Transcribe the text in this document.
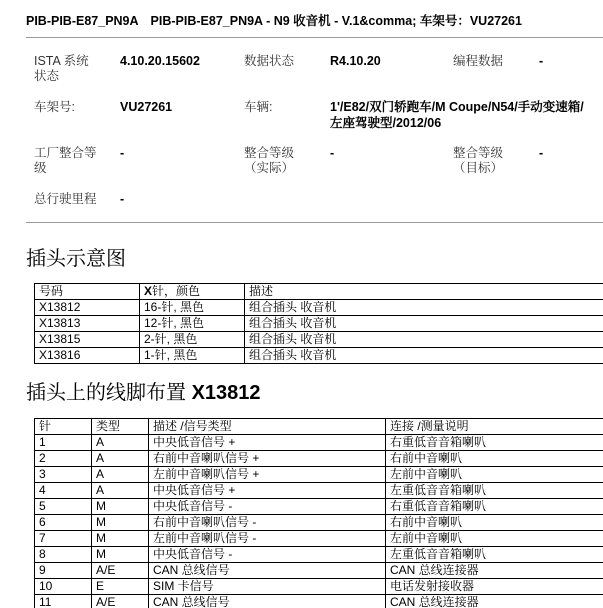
PIB-PIB-E87_PN9A PIB-PIB-E87_PN9A - N9 收音机 - V.1&comma; 车架号：VU27261
ISTA 系统
状态
4.10.20.15602	数据状态	R4.10.20	编程数据	-
车架号:	VU27261	车辆:	1'/E82/双门轿跑车/M Coupe/N54/手动变速箱/
左座驾驶型/2012/06
工厂整合等
级
-	整合等级
（实际）
-	整合等级
（目标）
-
总行驶里程 -
插头示意图
号码	X针，颜色	描述
X13812	16-针, 黑色	组合插头 收音机
X13813	12-针, 黑色	组合插头 收音机
X13815	2-针, 黑色	组合插头 收音机
X13816	1-针, 黑色	组合插头 收音机
插头上的线脚布置 X13812
针	类型	描述 /信号类型	连接 /测量说明
1	A	中央低音信号 +	右重低音音箱喇叭
2	A	右前中音喇叭信号 +	右前中音喇叭
3	A	左前中音喇叭信号 +	左前中音喇叭
4	A	中央低音信号 +	左重低音音箱喇叭
5	M	中央低音信号 -	右重低音音箱喇叭
6	M	右前中音喇叭信号 -	右前中音喇叭
7	M	左前中音喇叭信号 -	左前中音喇叭
8	M	中央低音信号 -	左重低音音箱喇叭
9	A/E	CAN 总线信号	CAN 总线连接器
10	E	SIM 卡信号	电话发射接收器
11	A/E	CAN 总线信号	CAN 总线连接器
